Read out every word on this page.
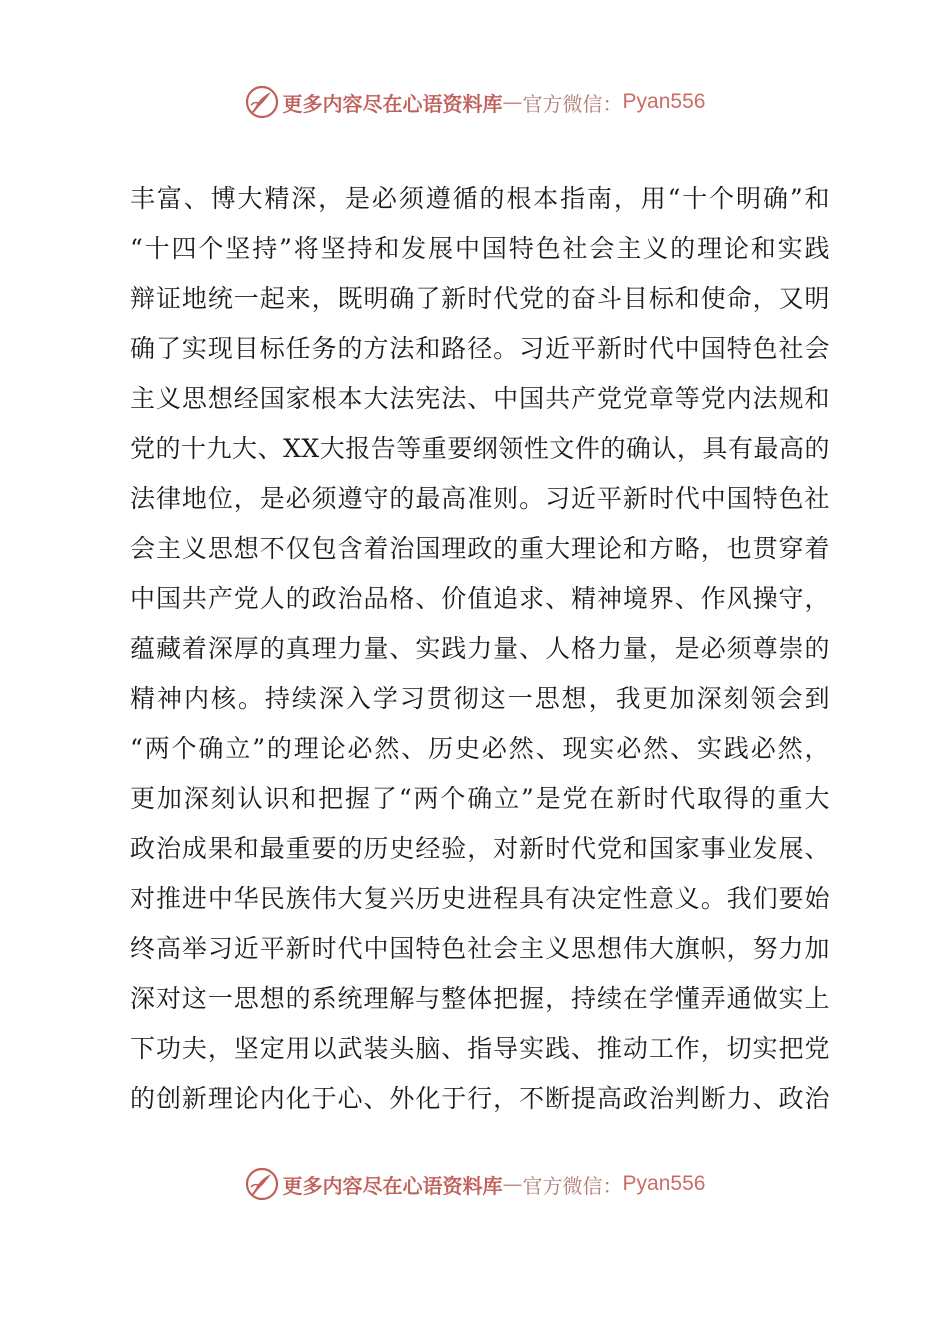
更多内容尽在心语资料库 — 官方微信： Pyan556
丰富、博大精深，是必须遵循的根本指南，用“十个明确”和
“十四个坚持”将坚持和发展中国特色社会主义的理论和实践
辩证地统一起来，既明确了新时代党的奋斗目标和使命，又明
确了实现目标任务的方法和路径。习近平新时代中国特色社会
主义思想经国家根本大法宪法、中国共产党党章等党内法规和
党的十九大、XX大报告等重要纲领性文件的确认，具有最高的
法律地位，是必须遵守的最高准则。习近平新时代中国特色社
会主义思想不仅包含着治国理政的重大理论和方略，也贯穿着
中国共产党人的政治品格、价值追求、精神境界、作风操守，
蕴藏着深厚的真理力量、实践力量、人格力量，是必须尊崇的
精神内核。持续深入学习贯彻这一思想，我更加深刻领会到
“两个确立”的理论必然、历史必然、现实必然、实践必然，
更加深刻认识和把握了“两个确立”是党在新时代取得的重大
政治成果和最重要的历史经验，对新时代党和国家事业发展、
对推进中华民族伟大复兴历史进程具有决定性意义。我们要始
终高举习近平新时代中国特色社会主义思想伟大旗帜，努力加
深对这一思想的系统理解与整体把握，持续在学懂弄通做实上
下功夫，坚定用以武装头脑、指导实践、推动工作，切实把党
的创新理论内化于心、外化于行，不断提高政治判断力、政治
更多内容尽在心语资料库 — 官方微信： Pyan556
